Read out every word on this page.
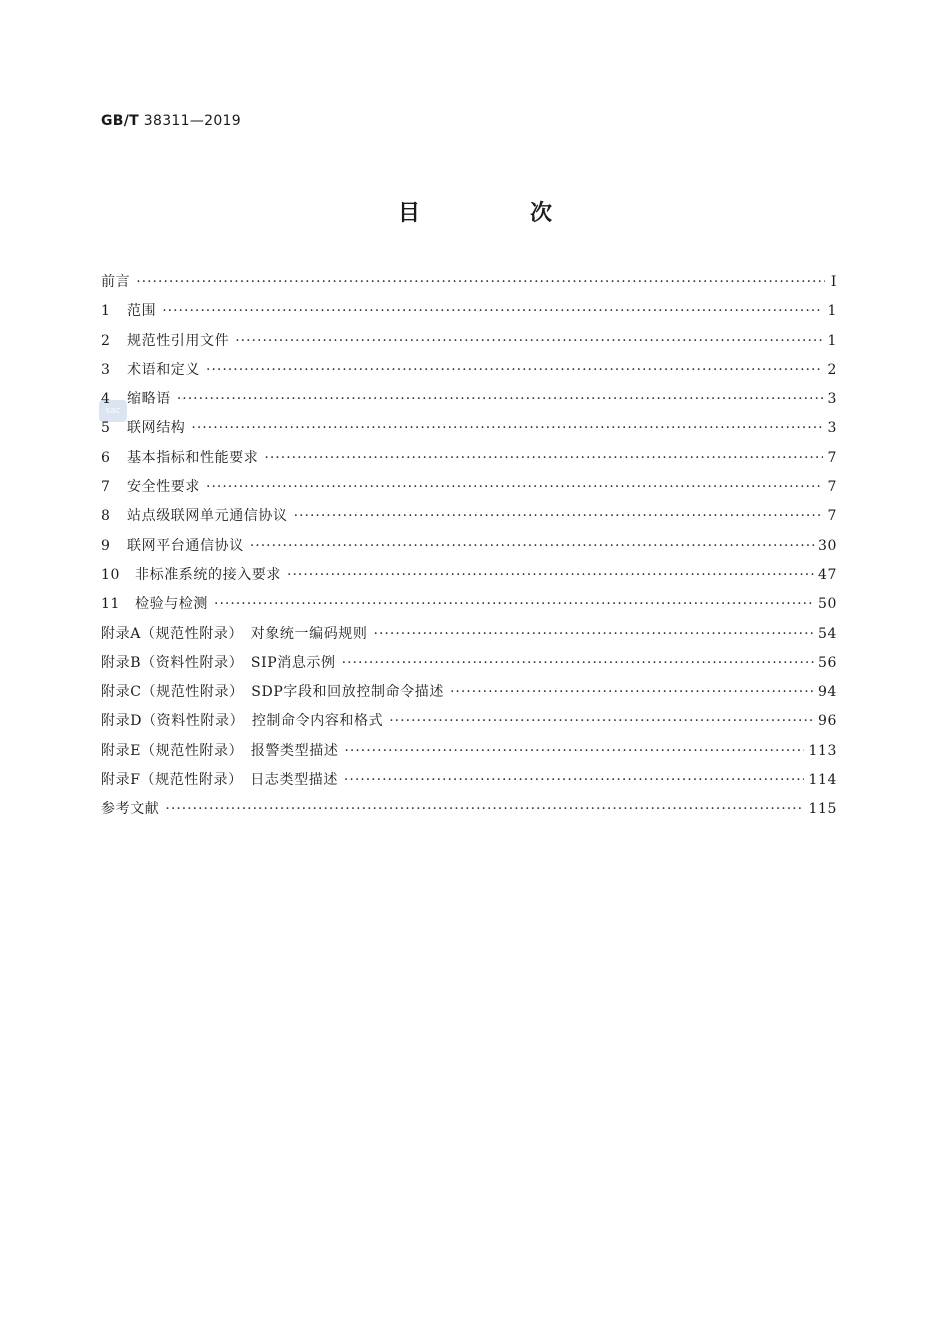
GB/T 38311—2019
目　次
sac
前言 ·····	Ⅰ
1	范围 ·····	1
2	规范性引用文件 ·····	1
3	术语和定义 ·····	2
4	缩略语 ·····	3
5	联网结构 ·····	3
6	基本指标和性能要求 ·····	7
7	安全性要求 ·····	7
8	站点级联网单元通信协议 ·····	7
9	联网平台通信协议 ·····	30
10	非标准系统的接入要求 ·····	47
11	检验与检测 ·····	50
附录A（规范性附录）　对象统一编码规则 ·····	54
附录B（资料性附录）　SIP消息示例 ·····	56
附录C（规范性附录）　SDP字段和回放控制命令描述 ·····	94
附录D（资料性附录）　控制命令内容和格式 ·····	96
附录E（规范性附录）　报警类型描述 ·····	113
附录F（规范性附录）　日志类型描述 ·····	114
参考文献 ·····	115
